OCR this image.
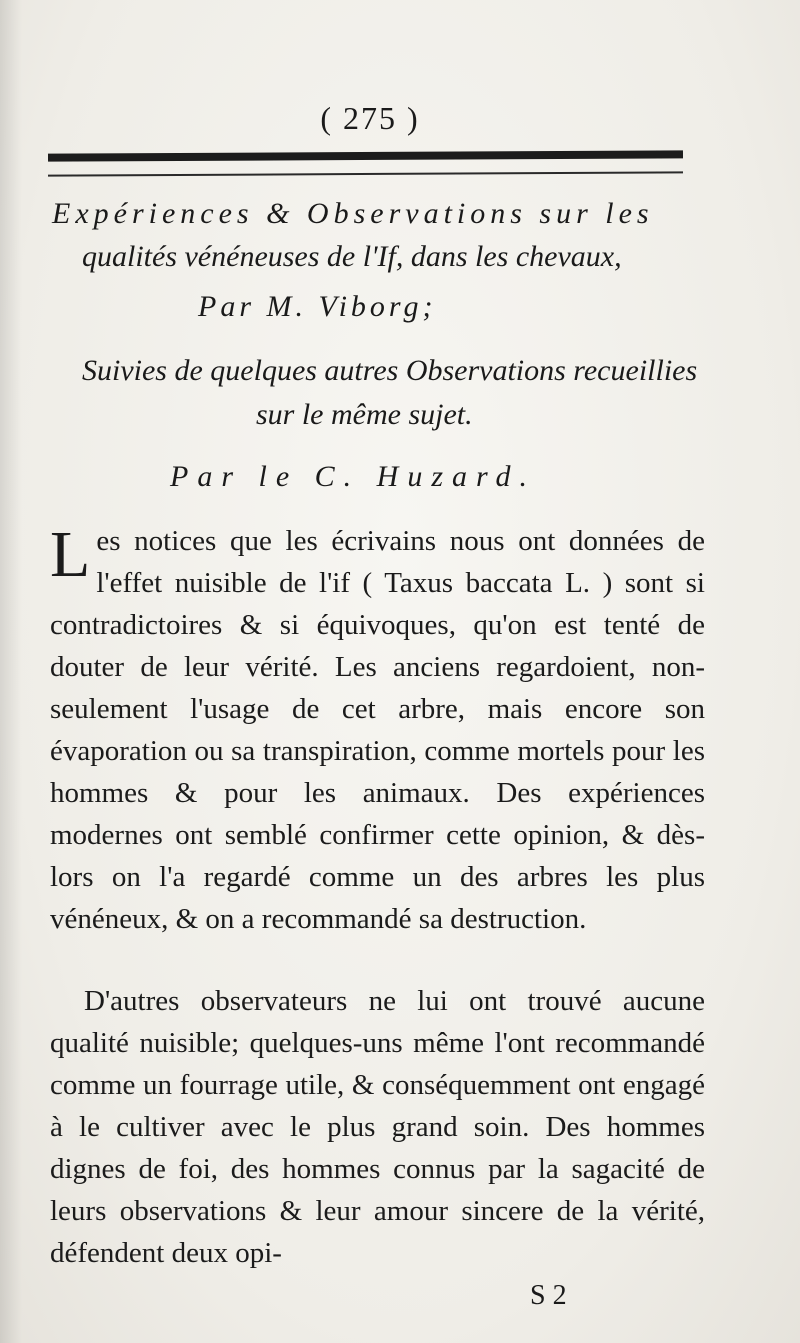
( 275 )
Expériences & Observations sur les
qualités vénéneuses de l'If, dans les chevaux,
Par M. Viborg;
Suivies de quelques autres Observations recueillies
sur le même sujet.
Par le C. Huzard.
Les notices que les écrivains nous ont données de l'effet nuisible de l'if ( Taxus baccata L. ) sont si contradictoires & si équivoques, qu'on est tenté de douter de leur vérité. Les anciens regardoient, non-seulement l'usage de cet arbre, mais encore son évaporation ou sa transpiration, comme mortels pour les hommes & pour les animaux. Des expériences modernes ont semblé confirmer cette opinion, & dès-lors on l'a regardé comme un des arbres les plus vénéneux, & on a recommandé sa destruction.
D'autres observateurs ne lui ont trouvé aucune qualité nuisible; quelques-uns même l'ont recommandé comme un fourrage utile, & conséquemment ont engagé à le cultiver avec le plus grand soin. Des hommes dignes de foi, des hommes connus par la sagacité de leurs observations & leur amour sincere de la vérité, défendent deux opi-
S 2
